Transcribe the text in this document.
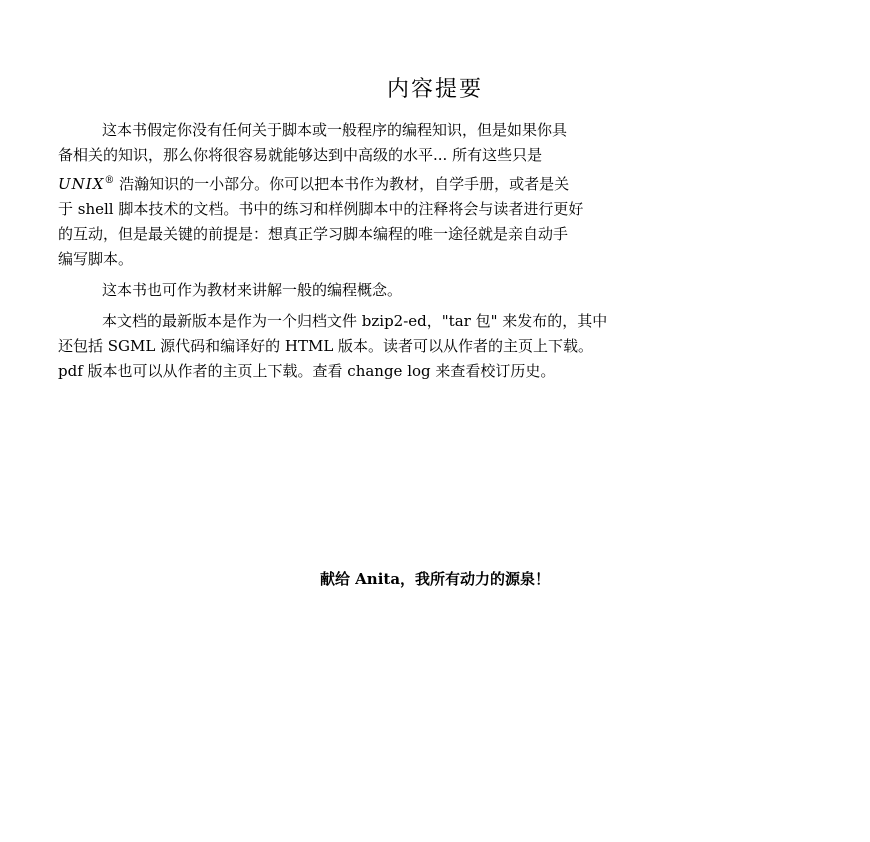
内容提要
这本书假定你没有任何关于脚本或一般程序的编程知识，但是如果你具
备相关的知识，那么你将很容易就能够达到中高级的水平... 所有这些只是
UNIX® 浩瀚知识的一小部分。你可以把本书作为教材，自学手册，或者是关
于 shell 脚本技术的文档。书中的练习和样例脚本中的注释将会与读者进行更好
的互动，但是最关键的前提是：想真正学习脚本编程的唯一途径就是亲自动手
编写脚本。
这本书也可作为教材来讲解一般的编程概念。
本文档的最新版本是作为一个归档文件 bzip2-ed，"tar 包" 来发布的，其中
还包括 SGML 源代码和编译好的 HTML 版本。读者可以从作者的主页上下载。
pdf 版本也可以从作者的主页上下载。查看 change log 来查看校订历史。
献给 Anita，我所有动力的源泉！
